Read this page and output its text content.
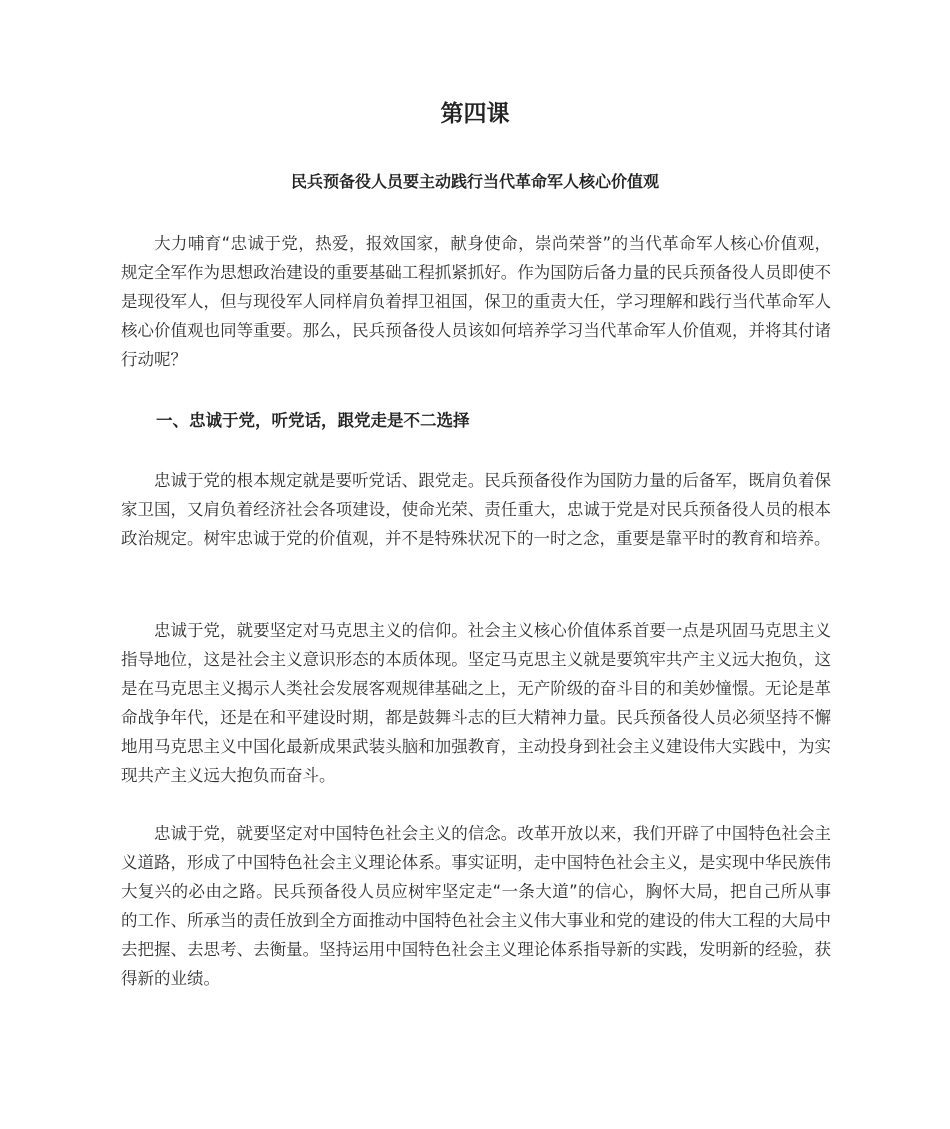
第四课
民兵预备役人员要主动践行当代革命军人核心价值观

大力哺育“忠诚于党，热爱，报效国家，献身使命，崇尚荣誉”的当代革命军人核心价值观，规定全军作为思想政治建设的重要基础工程抓紧抓好。作为国防后备力量的民兵预备役人员即使不是现役军人，但与现役军人同样肩负着捍卫祖国，保卫的重责大任，学习理解和践行当代革命军人核心价值观也同等重要。那么，民兵预备役人员该如何培养学习当代革命军人价值观，并将其付诸行动呢？

一、忠诚于党，听党话，跟党走是不二选择

忠诚于党的根本规定就是要听党话、跟党走。民兵预备役作为国防力量的后备军，既肩负着保家卫国，又肩负着经济社会各项建设，使命光荣、责任重大，忠诚于党是对民兵预备役人员的根本政治规定。树牢忠诚于党的价值观，并不是特殊状况下的一时之念，重要是靠平时的教育和培养。

忠诚于党，就要坚定对马克思主义的信仰。社会主义核心价值体系首要一点是巩固马克思主义指导地位，这是社会主义意识形态的本质体现。坚定马克思主义就是要筑牢共产主义远大抱负，这是在马克思主义揭示人类社会发展客观规律基础之上，无产阶级的奋斗目的和美妙憧憬。无论是革命战争年代，还是在和平建设时期，都是鼓舞斗志的巨大精神力量。民兵预备役人员必须坚持不懈地用马克思主义中国化最新成果武装头脑和加强教育，主动投身到社会主义建设伟大实践中，为实现共产主义远大抱负而奋斗。

忠诚于党，就要坚定对中国特色社会主义的信念。改革开放以来，我们开辟了中国特色社会主义道路，形成了中国特色社会主义理论体系。事实证明，走中国特色社会主义，是实现中华民族伟大复兴的必由之路。民兵预备役人员应树牢坚定走“一条大道”的信心，胸怀大局，把自己所从事的工作、所承当的责任放到全方面推动中国特色社会主义伟大事业和党的建设的伟大工程的大局中去把握、去思考、去衡量。坚持运用中国特色社会主义理论体系指导新的实践，发明新的经验，获得新的业绩。
